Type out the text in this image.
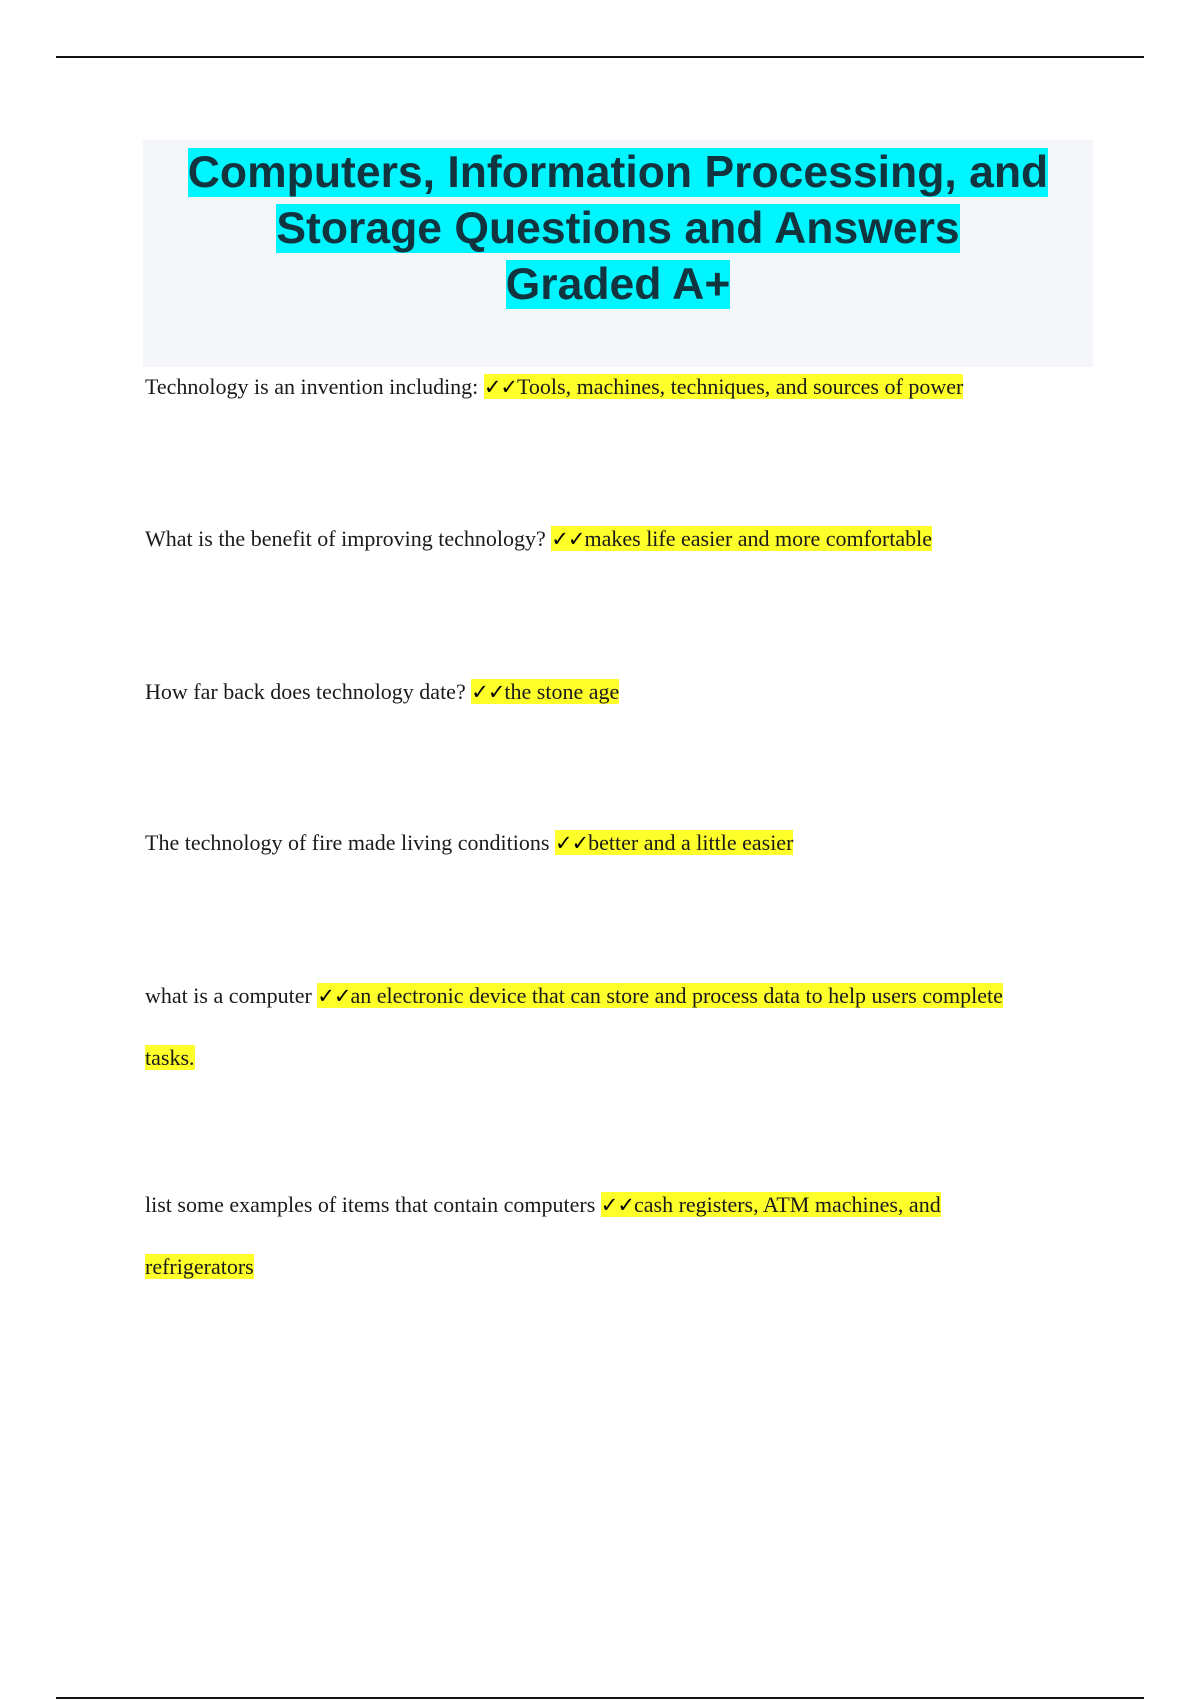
Computers, Information Processing, and
Storage Questions and Answers
Graded A+

Technology is an invention including: ✓✓Tools, machines, techniques, and sources of power

What is the benefit of improving technology? ✓✓makes life easier and more comfortable

How far back does technology date? ✓✓the stone age

The technology of fire made living conditions ✓✓better and a little easier

what is a computer ✓✓an electronic device that can store and process data to help users complete tasks.

list some examples of items that contain computers ✓✓cash registers, ATM machines, and refrigerators
